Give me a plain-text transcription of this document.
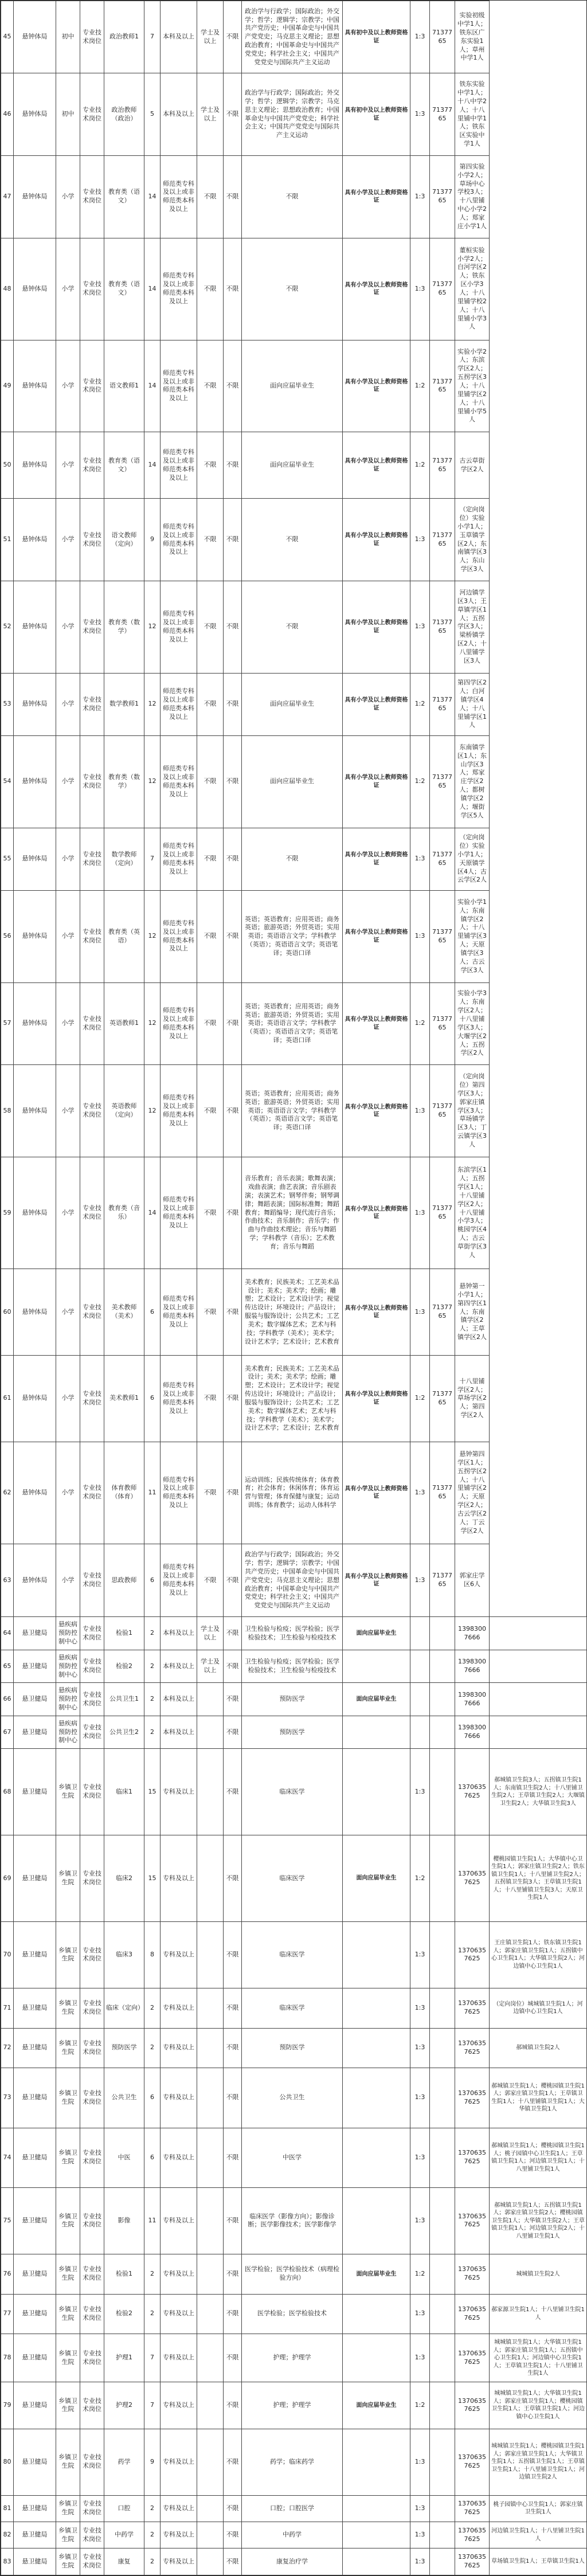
45	悬钟体局	初中	专业技术岗位	政治教师1	7	本科及以上	学士及以上	不限	政治学与行政学；国际政治；外交学；哲学；逻辑学；宗教学；中国共产党历史；中国革命史与中国共产党党史；马克思主义理论；思想政治教育；中国革命史与中国共产党党史；科学社会主义；中国共产党党史与国际共产主义运动	具有初中及以上教师资格证	1:3	7137765	实验初级中学1人；铁东区广东实验1人；草州中学1人	
46	悬钟体局	初中	专业技术岗位	政治教师（政治）	5	本科及以上	学士及以上	不限	政治学与行政学；国际政治；外交学；哲学；逻辑学；宗教学；马克思主义理论；思想政治教育；中国革命史与中国共产党党史；科学社会主义；中国共产党党史与国际共产主义运动	具有初中及以上教师资格证	1:3	7137765	铁东实验中学1人；十八中学2人；十八里铺中学1人；铁东区实验中学1人	
47	悬钟体局	小学	专业技术岗位	教育类（语文）	14	师范类专科及以上或非师范类本科及以上	不限	不限	不限	具有小学及以上教师资格证	1:3	7137765	第四实验小学2人；草场中心学校3人；十八里铺中心小学2人；郑家庄小学1人	
48	悬钟体局	小学	专业技术岗位	教育类（语文）	14	师范类专科及以上或非师范类本科及以上	不限	不限	不限	具有小学及以上教师资格证	1:3	7137765	董桓实验小学2人；白河学区2人；铁东区小学3人；十八里铺学校2人；十八里铺小学3人	
49	悬钟体局	小学	专业技术岗位	语文教师1	14	师范类专科及以上或非师范类本科及以上	不限	不限	面向应届毕业生	具有小学及以上教师资格证	1:2	7137765	实验小学2人；东滨学区2人；五拐学区3人；十八里铺学区2人；十八里铺小学5人	
50	悬钟体局	小学	专业技术岗位	教育类（语文）	14	师范类专科及以上或非师范类本科及以上	不限	不限	面向应届毕业生	具有小学及以上教师资格证	1:2	7137765	古云草街学区2人	
51	悬钟体局	小学	专业技术岗位	语文教师（定向）	9	师范类专科及以上或非师范类本科及以上	不限	不限	不限	具有小学及以上教师资格证	1:3	7137765	（定向岗位）实验小学1人；玉草镇学区2人；东南镇学区3人；东山学区3人	
52	悬钟体局	小学	专业技术岗位	教育类（数学）	12	师范类专科及以上或非师范类本科及以上	不限	不限	不限	具有小学及以上教师资格证	1:3	7137765	河边镇学区3人；王草镇学区1人；五拐学区3人；梁桥镇学区2人；十八里铺学区3人	
53	悬钟体局	小学	专业技术岗位	数学教师1	12	师范类专科及以上或非师范类本科及以上	不限	不限	面向应届毕业生	具有小学及以上教师资格证	1:2	7137765	第四学区2人；白河镇学区4人；十八里铺学区1人	
54	悬钟体局	小学	专业技术岗位	教育类（数学）	12	师范类专科及以上或非师范类本科及以上	不限	不限	面向应届毕业生	具有小学及以上教师资格证	1:2	7137765	东南镇学区1人；东山学区3人；郑家庄学区2人；都树镇学区2人；堰街学区5人	
55	悬钟体局	小学	专业技术岗位	数学教师（定向）	7	师范类专科及以上或非师范类本科及以上	不限	不限	不限	具有小学及以上教师资格证	1:3	7137765	（定向岗位）实验小学1人；天原镇学区4人；古云学区2人	
56	悬钟体局	小学	专业技术岗位	教育类（英语）	12	师范类专科及以上或非师范类本科及以上	不限	不限	英语；英语教育；应用英语；商务英语；旅游英语；外贸英语；实用英语；英语语言文学；学科教学（英语）；英语语言文学；英语笔译；英语口译	具有小学及以上教师资格证	1:3	7137765	实验小学1人；东南镇学区2人；十八里铺学区3人；天原镇学区3人；古云学区3人	
57	悬钟体局	小学	专业技术岗位	英语教师1	12	师范类专科及以上或非师范类本科及以上	不限	不限	英语；英语教育；应用英语；商务英语；旅游英语；外贸英语；实用英语；英语语言文学；学科教学（英语）；英语语言文学；英语笔译；英语口译	具有小学及以上教师资格证	1:2	7137765	实验小学3人；东南学区2人；十八里铺学区3人；大堰学区2人；五拐学区2人	
58	悬钟体局	小学	专业技术岗位	英语教师（定向）	12	师范类专科及以上或非师范类本科及以上	不限	不限	英语；英语教育；应用英语；商务英语；旅游英语；外贸英语；实用英语；英语语言文学；学科教学（英语）；英语语言文学；英语笔译；英语口译	具有小学及以上教师资格证	1:3	7137765	（定向岗位）第四学区3人；郭家庄镇学区3人；草场镇学区3人；丁云镇学区3人	
59	悬钟体局	小学	专业技术岗位	教育类（音乐）	14	师范类专科及以上或非师范类本科及以上	不限	不限	音乐教育；音乐表演；歌舞表演；戏曲表演；曲艺表演；音乐剧表演；表演艺术；钢琴伴奏；钢琴调律；舞蹈表演；国际标准舞；舞蹈教育；舞蹈编导；现代流行音乐；作曲技术；音乐制作；音乐学；作曲与作曲技术理论；音乐与舞蹈学；学科教学（音乐）；艺术教育；音乐与舞蹈	具有小学及以上教师资格证	1:3	7137765	东滨学区1人；五拐学区1人；十八里铺学区2人；十八里铺小学3人；桃园学区4人；古云草街学区3人	
60	悬钟体局	小学	专业技术岗位	美术教师（美术）	6	师范类专科及以上或非师范类本科及以上	不限	不限	美术教育；民族美术；工艺美术品设计；美术；美术学；绘画；雕塑；艺术设计；艺术设计学；视觉传达设计；环境设计；产品设计；服装与服饰设计；公共艺术；工艺美术；数字媒体艺术；艺术与科技；学科教学（美术）；美术学；设计艺术学；艺术设计；艺术教育	具有小学及以上教师资格证	1:3	7137765	悬钟第一小学1人；第四学区1人；东南镇学区2人；王草镇学区2人	
61	悬钟体局	小学	专业技术岗位	美术教师1	6	师范类专科及以上或非师范类本科及以上	不限	不限	美术教育；民族美术；工艺美术品设计；美术；美术学；绘画；雕塑；艺术设计；艺术设计学；视觉传达设计；环境设计；产品设计；服装与服饰设计；公共艺术；工艺美术；数字媒体艺术；艺术与科技；学科教学（美术）；美术学；设计艺术学；艺术设计；艺术教育	具有小学及以上教师资格证	1:2	7137765	十八里铺学区2人；草场学区2人；第四学区2人	
62	悬钟体局	小学	专业技术岗位	体育教师（体育）	11	师范类专科及以上或非师范类本科及以上	不限	不限	运动训练；民族传统体育；体育教育；社会体育；休闲体育；体育运营与管理；体育保健与康复；运动训练；体育教学；运动人体科学	具有小学及以上教师资格证	1:3	7137765	悬钟第四学区1人；五拐学区2人；十八里铺学区2人；天原学区2人；古云学区2人；丁云学区2人	
63	悬钟体局	小学	专业技术岗位	思政教师	6	师范类专科及以上或非师范类本科及以上	不限	不限	政治学与行政学；国际政治；外交学；哲学；逻辑学；宗教学；中国共产党历史；中国革命史与中国共产党党史；马克思主义理论；思想政治教育；中国革命史与中国共产党党史；科学社会主义；中国共产党党史与国际共产主义运动	具有小学及以上教师资格证	1:3	7137765	郭家庄学区6人	
64	悬卫健局	悬疾病预防控制中心	专业技术岗位	检验1	2	本科及以上	学士及以上	不限	卫生检验与检疫；医学检验；医学检验技术；卫生检验与检疫技术	面向应届毕业生			13983007666	
65	悬卫健局	悬疾病预防控制中心	专业技术岗位	检验2	2	本科及以上	学士及以上	不限	卫生检验与检疫；医学检验；医学检验技术；卫生检验与检疫技术				13983007666	
66	悬卫健局	悬疾病预防控制中心	专业技术岗位	公共卫生1	2	本科及以上		不限	预防医学	面向应届毕业生			13983007666	
67	悬卫健局	悬疾病预防控制中心	专业技术岗位	公共卫生2	2	本科及以上		不限	预防医学				13983007666	
68	悬卫健局	乡镇卫生院	专业技术岗位	临床1	15	专科及以上		不限	临床医学		1:3		13706357625	郝城镇卫生院3人；五拐镇卫生院1人；东南镇卫生院2人；十八里铺卫生院2人；王草镇卫生院2人；大堰镇卫生院2人；大华镇卫生院3人
69	悬卫健局	乡镇卫生院	专业技术岗位	临床2	15	专科及以上		不限	临床医学	面向应届毕业生	1:2		13706357625	樱桃园镇卫生院1人；大华镇中心卫生院1人；郭家庄镇卫生院2人；铁东镇卫生院1人；十八里铺卫生院2人；五拐镇卫生院3人；王草镇卫生院1人；十八里铺镇卫生院3人；天原卫生院1人
70	悬卫健局	乡镇卫生院	专业技术岗位	临床3	8	专科及以上		不限	临床医学		1:3		13706357625	王庄镇卫生院1人；铁东镇卫生院1人；郭家庄镇卫生院1人；五拐镇中心卫生院1人；大华镇卫生院2人；河边镇中心卫生院1人
71	悬卫健局	乡镇卫生院	专业技术岗位	临床（定向）	2	专科及以上		不限	临床医学		1:3		13706357625	（定向岗位）城城镇卫生院1人；河边镇中心卫生院1人
72	悬卫健局	乡镇卫生院	专业技术岗位	预防医学	2	专科及以上		不限	预防医学		1:3		13706357625	郝城镇卫生院2人
73	悬卫健局	乡镇卫生院	专业技术岗位	公共卫生	6	专科及以上		不限	公共卫生		1:3		13706357625	郝城镇卫生院1人；樱桃园镇卫生院1人；郭家庄镇卫生院1人；王草镇卫生院1人；十八里铺镇卫生院1人；大华镇卫生院1人
74	悬卫健局	乡镇卫生院	专业技术岗位	中医	6	专科及以上		不限	中医学		1:3		13706357625	郝城镇卫生院1人；樱桃园镇卫生院1人；桃子园镇中心卫生院1人；王草镇卫生院1人；河边镇卫生院1人；十八里铺卫生院1人
75	悬卫健局	乡镇卫生院	专业技术岗位	影像	11	专科及以上		不限	临床医学（影像方向）；影像诊断；医学影像技术；医学影像学		1:3		13706357625	郝城镇卫生院1人；五拐镇卫生院1人；郭家庄镇卫生院2人；樱桃园镇卫生院1人；大华镇卫生院2人；王草镇卫生院1人；河边镇卫生院2人；十八里铺卫生院1人
76	悬卫健局	乡镇卫生院	专业技术岗位	检验1	2	专科及以上		不限	医学检验；医学检验技术（病理检验方向）	面向应届毕业生	1:2		13706357625	城城镇卫生院2人
77	悬卫健局	乡镇卫生院	专业技术岗位	检验2	2	专科及以上		不限	医学检验；医学检验技术		1:3		13706357625	郝家源卫生院1人；十八里铺卫生院1人
78	悬卫健局	乡镇卫生院	专业技术岗位	护理1	7	专科及以上		不限	护理；护理学		1:3		13706357625	城城镇卫生院1人；大华镇卫生院1人；郭家庄镇卫生院1人；五拐镇中心卫生院1人；河边镇中心卫生院1人；王草镇卫生院1人；十八里铺卫生院1人
79	悬卫健局	乡镇卫生院	专业技术岗位	护理2	7	专科及以上		不限	护理；护理学	面向应届毕业生	1:2		13706357625	城城镇卫生院1人；大华镇卫生院1人；郭家庄镇卫生院1人；樱桃园镇卫生院1人；王草镇卫生院1人；河边镇中心卫生院1人
80	悬卫健局	乡镇卫生院	专业技术岗位	药学	9	专科及以上		不限	药学；临床药学		1:3		13706357625	城城镇卫生院1人；樱桃园镇卫生院1人；郭家庄镇卫生院1人；大华镇卫生院1人；五拐镇卫生院1人；王草镇卫生院1人；十八里铺卫生院1人；河边镇卫生院2人
81	悬卫健局	乡镇卫生院	专业技术岗位	口腔	2	专科及以上		不限	口腔；口腔医学		1:3		13706357625	桃子园镇中心卫生院1人；郭家庄镇卫生院1人
82	悬卫健局	乡镇卫生院	专业技术岗位	中药学	2	专科及以上		不限	中药学		1:3		13706357625	河边镇卫生院1人；十八里铺卫生院1人
83	悬卫健局	乡镇卫生院	专业技术岗位	康复	2	专科及以上		不限	康复治疗学		1:3		13706357625	草场镇卫生院1人；王草镇卫生院1人
